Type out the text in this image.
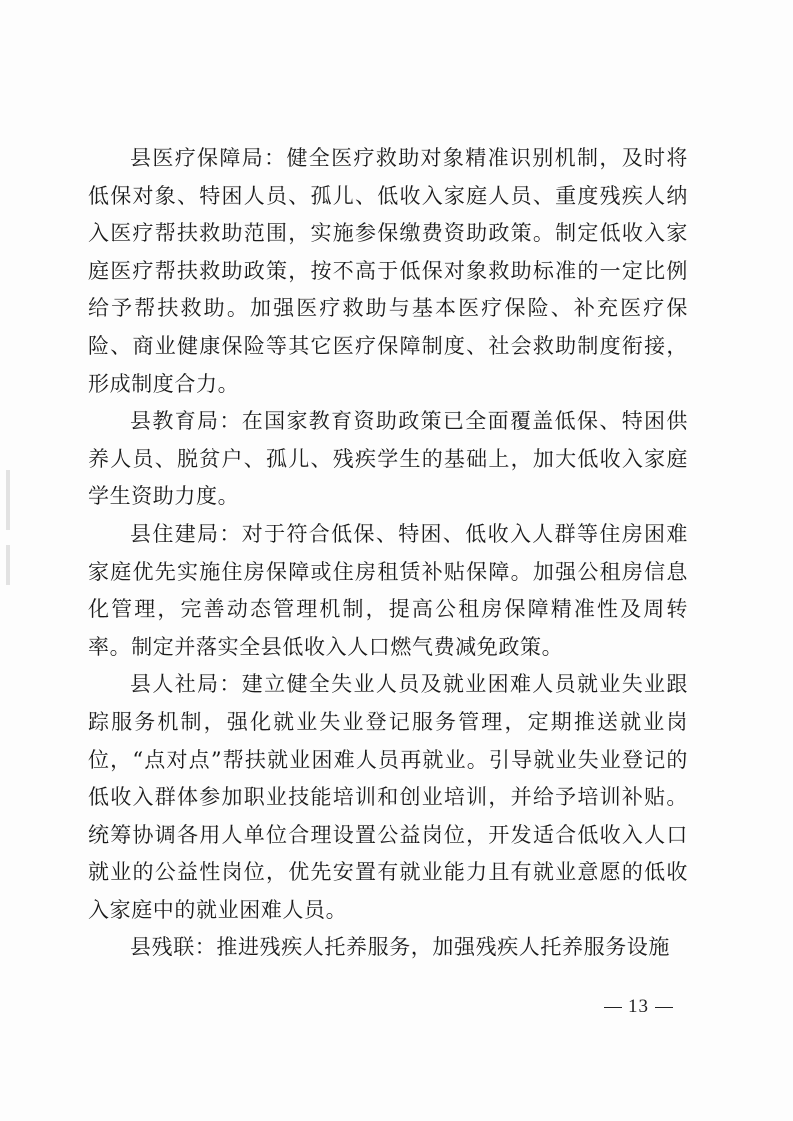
县医疗保障局：健全医疗救助对象精准识别机制，及时将低保对象、特困人员、孤儿、低收入家庭人员、重度残疾人纳入医疗帮扶救助范围，实施参保缴费资助政策。制定低收入家庭医疗帮扶救助政策，按不高于低保对象救助标准的一定比例给予帮扶救助。加强医疗救助与基本医疗保险、补充医疗保险、商业健康保险等其它医疗保障制度、社会救助制度衔接，形成制度合力。

县教育局：在国家教育资助政策已全面覆盖低保、特困供养人员、脱贫户、孤儿、残疾学生的基础上，加大低收入家庭学生资助力度。

县住建局：对于符合低保、特困、低收入人群等住房困难家庭优先实施住房保障或住房租赁补贴保障。加强公租房信息化管理，完善动态管理机制，提高公租房保障精准性及周转率。制定并落实全县低收入人口燃气费减免政策。

县人社局：建立健全失业人员及就业困难人员就业失业跟踪服务机制，强化就业失业登记服务管理，定期推送就业岗位，“点对点”帮扶就业困难人员再就业。引导就业失业登记的低收入群体参加职业技能培训和创业培训，并给予培训补贴。统筹协调各用人单位合理设置公益岗位，开发适合低收入人口就业的公益性岗位，优先安置有就业能力且有就业意愿的低收入家庭中的就业困难人员。

县残联：推进残疾人托养服务，加强残疾人托养服务设施

13
